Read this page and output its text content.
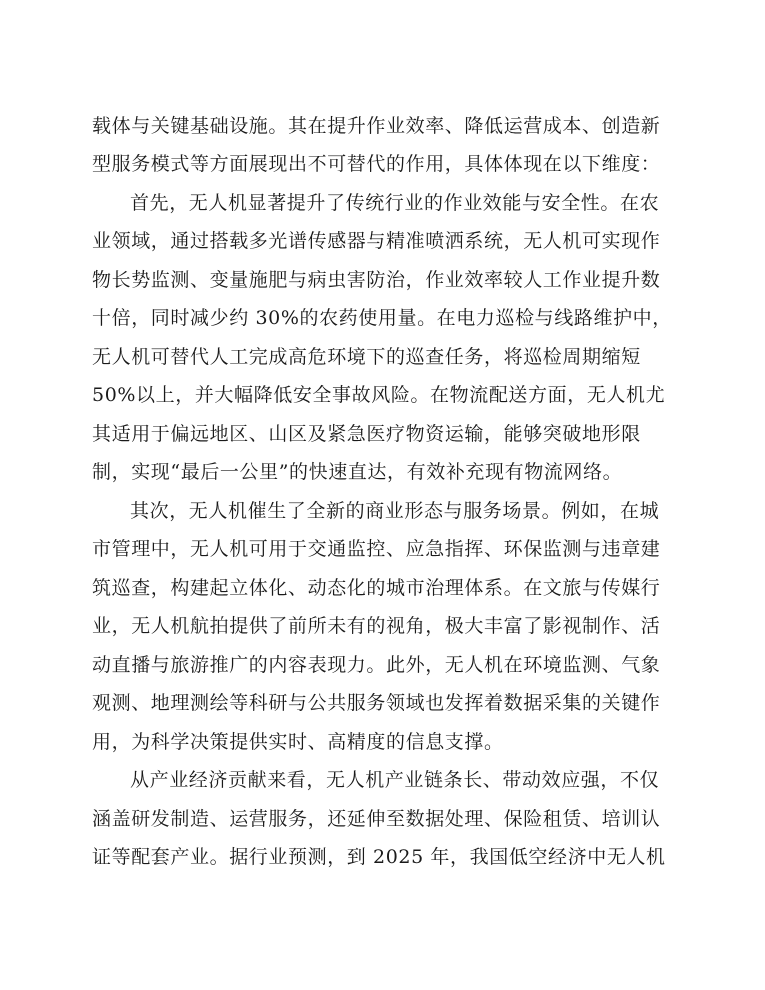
载体与关键基础设施。其在提升作业效率、降低运营成本、创造新
型服务模式等方面展现出不可替代的作用，具体体现在以下维度：
首先，无人机显著提升了传统行业的作业效能与安全性。在农
业领域，通过搭载多光谱传感器与精准喷洒系统，无人机可实现作
物长势监测、变量施肥与病虫害防治，作业效率较人工作业提升数
十倍，同时减少约 30%的农药使用量。在电力巡检与线路维护中，
无人机可替代人工完成高危环境下的巡查任务，将巡检周期缩短
50%以上，并大幅降低安全事故风险。在物流配送方面，无人机尤
其适用于偏远地区、山区及紧急医疗物资运输，能够突破地形限
制，实现“最后一公里”的快速直达，有效补充现有物流网络。
其次，无人机催生了全新的商业形态与服务场景。例如，在城
市管理中，无人机可用于交通监控、应急指挥、环保监测与违章建
筑巡查，构建起立体化、动态化的城市治理体系。在文旅与传媒行
业，无人机航拍提供了前所未有的视角，极大丰富了影视制作、活
动直播与旅游推广的内容表现力。此外，无人机在环境监测、气象
观测、地理测绘等科研与公共服务领域也发挥着数据采集的关键作
用，为科学决策提供实时、高精度的信息支撑。
从产业经济贡献来看，无人机产业链条长、带动效应强，不仅
涵盖研发制造、运营服务，还延伸至数据处理、保险租赁、培训认
证等配套产业。据行业预测，到 2025 年，我国低空经济中无人机
